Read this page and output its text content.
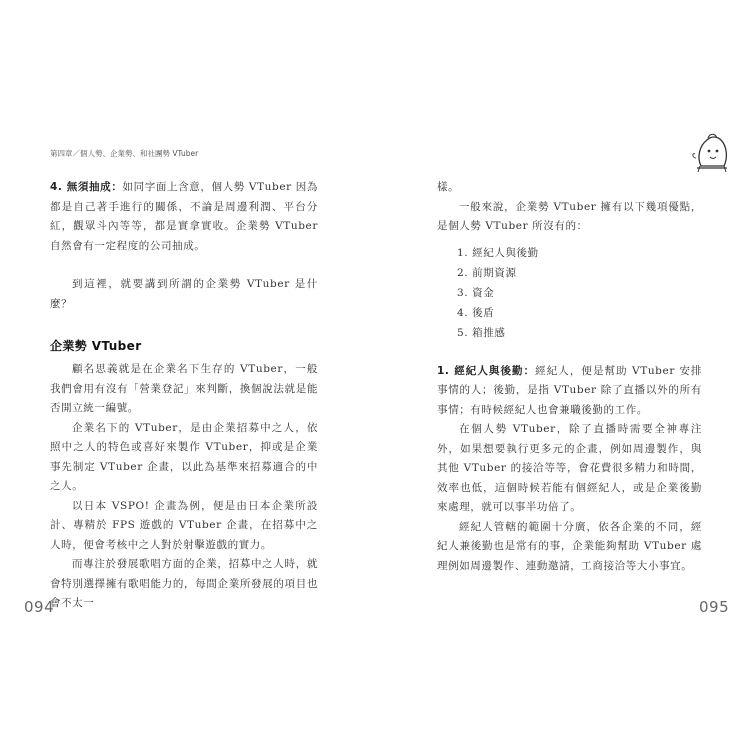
第四章／個人勢、企業勢、和社團勢 VTuber

4. 無須抽成：如同字面上含意，個人勢 VTuber 因為都是自己著手進行的關係，不論是周邊利潤、平台分紅，觀眾斗內等等，都是實拿實收。企業勢 VTuber 自然會有一定程度的公司抽成。

到這裡，就要講到所謂的企業勢 VTuber 是什麼？

企業勢 VTuber

顧名思義就是在企業名下生存的 VTuber，一般我們會用有沒有「營業登記」來判斷，換個說法就是能否開立統一編號。

企業名下的 VTuber，是由企業招募中之人，依照中之人的特色或喜好來製作 VTuber，抑或是企業事先制定 VTuber 企畫，以此為基準來招募適合的中之人。

以日本 VSPO! 企畫為例，便是由日本企業所設計、專精於 FPS 遊戲的 VTuber 企畫，在招募中之人時，便會考核中之人對於射擊遊戲的實力。

而專注於發展歌唱方面的企業，招募中之人時，就會特別選擇擁有歌唱能力的，每間企業所發展的項目也會不太一

樣。

一般來說，企業勢 VTuber 擁有以下幾項優點，是個人勢 VTuber 所沒有的：

1. 經紀人與後勤
2. 前期資源
3. 資金
4. 後盾
5. 箱推感

1. 經紀人與後勤：經紀人，便是幫助 VTuber 安排事情的人；後勤，是指 VTuber 除了直播以外的所有事情；有時候經紀人也會兼職後勤的工作。

在個人勢 VTuber，除了直播時需要全神專注外，如果想要執行更多元的企畫，例如周邊製作，與其他 VTuber 的接洽等等，會花費很多精力和時間，效率也低，這個時候若能有個經紀人，或是企業後勤來處理，就可以事半功倍了。

經紀人管轄的範圍十分廣，依各企業的不同，經紀人兼後勤也是常有的事，企業能夠幫助 VTuber 處理例如周邊製作、連動邀請，工商接洽等大小事宜。

094	095
